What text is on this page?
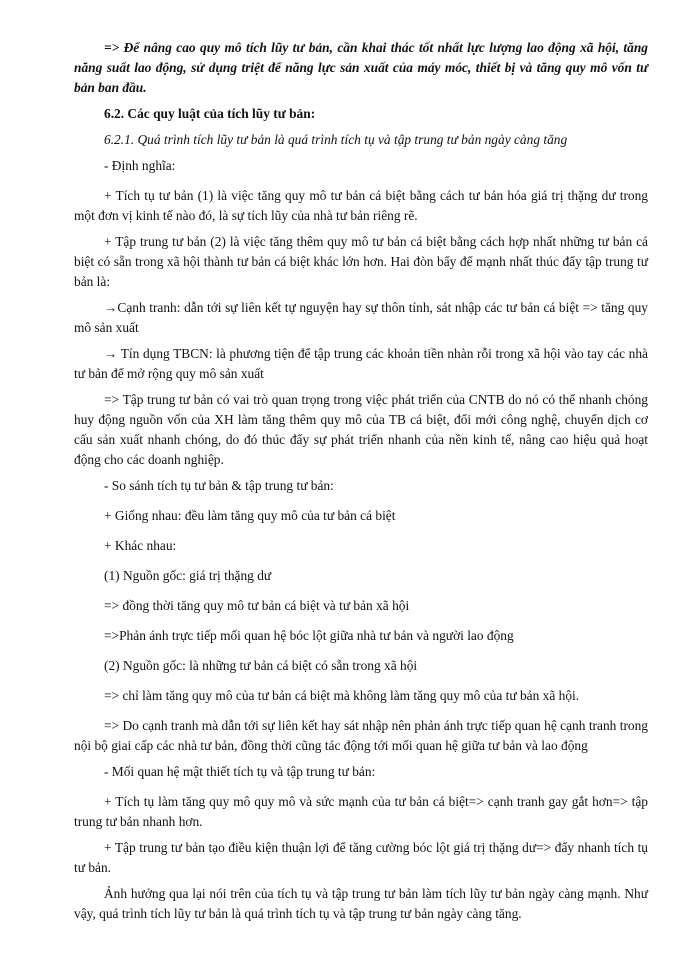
=> Để nâng cao quy mô tích lũy tư bản, cần khai thác tốt nhất lực lượng lao động xã hội, tăng năng suất lao động, sử dụng triệt để năng lực sản xuất của máy móc, thiết bị và tăng quy mô vốn tư bản ban đầu.

6.2. Các quy luật của tích lũy tư bản:

6.2.1. Quá trình tích lũy tư bản là quá trình tích tụ và tập trung tư bản ngày càng tăng

- Định nghĩa:

+ Tích tụ tư bản (1) là việc tăng quy mô tư bản cá biệt bằng cách tư bản hóa giá trị thặng dư trong một đơn vị kinh tế nào đó, là sự tích lũy của nhà tư bản riêng rẽ.

+ Tập trung tư bản (2) là việc tăng thêm quy mô tư bản cá biệt bằng cách hợp nhất những tư bản cá biệt có sẵn trong xã hội thành tư bản cá biệt khác lớn hơn. Hai đòn bẩy để mạnh nhất thúc đẩy tập trung tư bản là:

→Cạnh tranh: dẫn tới sự liên kết tự nguyện hay sự thôn tính, sát nhập các tư bản cá biệt => tăng quy mô sản xuất

→ Tín dụng TBCN: là phương tiện để tập trung các khoản tiền nhàn rỗi trong xã hội vào tay các nhà tư bản để mở rộng quy mô sản xuất

=> Tập trung tư bản có vai trò quan trọng trong việc phát triển của CNTB do nó có thể nhanh chóng huy động nguồn vốn của XH làm tăng thêm quy mô của TB cá biệt, đổi mới công nghệ, chuyển dịch cơ cấu sản xuất nhanh chóng, do đó thúc đẩy sự phát triển nhanh của nền kinh tế, nâng cao hiệu quả hoạt động cho các doanh nghiệp.

- So sánh tích tụ tư bản & tập trung tư bản:

+ Giống nhau: đều làm tăng quy mô của tư bản cá biệt

+ Khác nhau:

(1) Nguồn gốc: giá trị thặng dư

=> đồng thời tăng quy mô tư bản cá biệt và tư bản xã hội

=>Phản ánh trực tiếp mối quan hệ bóc lột giữa nhà tư bản và người lao động

(2) Nguồn gốc: là những tư bản cá biệt có sẵn trong xã hội

=> chỉ làm tăng quy mô của tư bản cá biệt mà không làm tăng quy mô của tư bản xã hội.

=> Do cạnh tranh mà dẫn tới sự liên kết hay sát nhập nên phản ánh trực tiếp quan hệ cạnh tranh trong nội bộ giai cấp các nhà tư bản, đồng thời cũng tác động tới mối quan hệ giữa tư bản và lao động

- Mối quan hệ mật thiết tích tụ và tập trung tư bản:

+ Tích tụ làm tăng quy mô quy mô và sức mạnh của tư bản cá biệt=> cạnh tranh gay gắt hơn=> tập trung tư bản nhanh hơn.

+ Tập trung tư bản tạo điều kiện thuận lợi để tăng cường bóc lột giá trị thặng dư=> đẩy nhanh tích tụ tư bản.

Ảnh hưởng qua lại nói trên của tích tụ và tập trung tư bản làm tích lũy tư bản ngày càng mạnh. Như vậy, quá trình tích lũy tư bản là quá trình tích tụ và tập trung tư bản ngày càng tăng.
